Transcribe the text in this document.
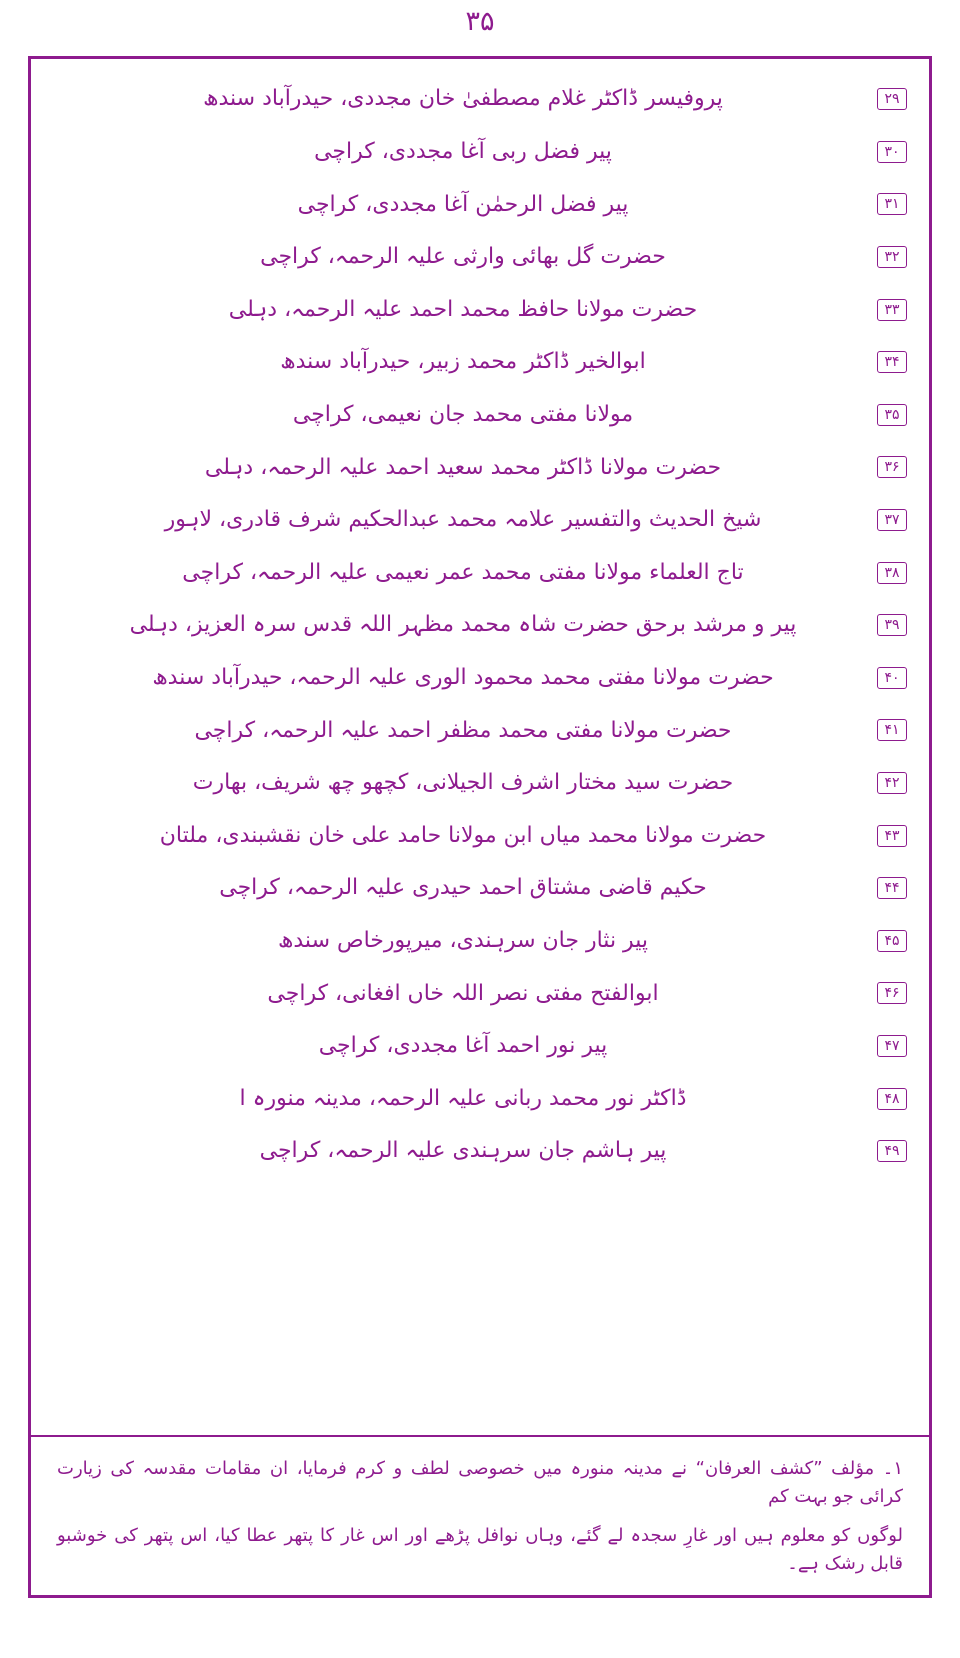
۳۵
۲۹
پروفیسر ڈاکٹر غلام مصطفیٰ خان مجددی، حیدرآباد سندھ
۳۰
پیر فضل ربی آغا مجددی، کراچی
۳۱
پیر فضل الرحمٰن آغا مجددی، کراچی
۳۲
حضرت گل بھائی وارثی علیہ الرحمہ، کراچی
۳۳
حضرت مولانا حافظ محمد احمد علیہ الرحمہ، دہلی
۳۴
ابوالخیر ڈاکٹر محمد زبیر، حیدرآباد سندھ
۳۵
مولانا مفتی محمد جان نعیمی، کراچی
۳۶
حضرت مولانا ڈاکٹر محمد سعید احمد علیہ الرحمہ، دہلی
۳۷
شیخ الحدیث والتفسیر علامہ محمد عبدالحکیم شرف قادری، لاہور
۳۸
تاج العلماء مولانا مفتی محمد عمر نعیمی علیہ الرحمہ، کراچی
۳۹
پیر و مرشد برحق حضرت شاہ محمد مظہر اللہ قدس سرہ العزیز، دہلی
۴۰
حضرت مولانا مفتی محمد محمود الوری علیہ الرحمہ، حیدرآباد سندھ
۴۱
حضرت مولانا مفتی محمد مظفر احمد علیہ الرحمہ، کراچی
۴۲
حضرت سید مختار اشرف الجیلانی، کچھو چھ شریف، بھارت
۴۳
حضرت مولانا محمد میاں ابن مولانا حامد علی خان نقشبندی، ملتان
۴۴
حکیم قاضی مشتاق احمد حیدری علیہ الرحمہ، کراچی
۴۵
پیر نثار جان سرہندی، میرپورخاص سندھ
۴۶
ابوالفتح مفتی نصر اللہ خاں افغانی، کراچی
۴۷
پیر نور احمد آغا مجددی، کراچی
۴۸
ڈاکٹر نور محمد ربانی علیہ الرحمہ، مدینہ منورہ ا
۴۹
پیر ہاشم جان سرہندی علیہ الرحمہ، کراچی

۱۔ مؤلف ”کشف العرفان“ نے مدینہ منورہ میں خصوصی لطف و کرم فرمایا، ان مقامات مقدسہ کی زیارت کرائی جو بہت کم

لوگوں کو معلوم ہیں اور غارِ سجدہ لے گئے، وہاں نوافل پڑھے اور اس غار کا پتھر عطا کیا، اس پتھر کی خوشبو قابل رشک ہے۔
